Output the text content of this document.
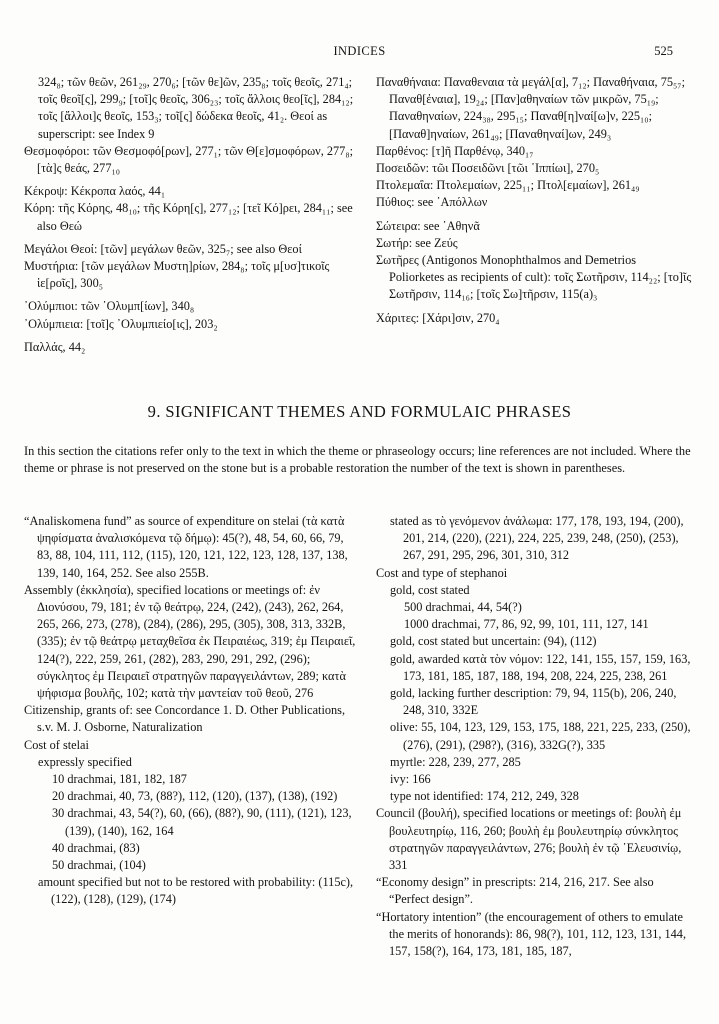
INDICES	525

324₈; τῶν θεῶν, 261₂₉, 270₆; [τῶν θε]ῶν, 235₈; τοῖς θεοῖς, 271₄; τοῖς θεοῖ[ς], 299₉; [τοῖ]ς θεοῖς, 306₂₃; τοῖς ἄλλοις θεο[ῖς], 284₁₂; τοῖς [ἄλλοι]ς θεοῖς, 153₃; τοῖ[ς] δώδεκα θεοῖς, 41₂. Θεοί as superscript: see Index 9

Θεσμοφόροι: τῶν Θεσμοφό[ρων], 277₁; τῶν Θ[ε]σμοφόρων, 277₈; [τὰ]ς θεάς, 277₁₀

Κέκροψ: Κέκροπα λαός, 44₁

Κόρη: τῆς Κόρης, 48₁₀; τῆς Κόρη[ς], 277₁₂; [τεῖ Κό]ρει, 284₁₁; see also Θεώ

Μεγάλοι Θεοί: [τῶν] μεγάλων θεῶν, 325₇; see also Θεοί

Μυστήρια: [τῶν μεγάλων Μυστη]ρίων, 284₈; τοῖς μ[υσ]τικοῖς ἱε[ροῖς], 300₅

᾿Ολύμπιοι: τῶν ᾿Ολυμπ[ίων], 340₈

᾿Ολύμπιεια: [τοῖ]ς ᾿Ολυμπιείο[ις], 203₂

Παλλάς, 44₂

Παναθήναια: Παναθεναια τὰ μεγάλ[α], 7₁₂; Παναθήναια, 75₅₇; Παναθ[ἐναια], 19₂₄; [Παν]αθηναίων τῶν μικρῶν, 75₁₉; Παναθηναίων, 224₃₈, 295₁₅; Παναθ[η]ναί[ω]ν, 225₁₀; [Παναθ]ηναίων, 261₄₉; [Παναθηναί]ων, 249₃

Παρθένος: [τ]ῆ Παρθένῳ, 340₁₇

Ποσειδῶν: τῶι Ποσειδῶνι [τῶι ῾Ιππίωι], 270₅

Πτολεμαΐα: Πτολεμαίων, 225₁₁; Πτολ[εμαίων], 261₄₉

Πύθιος: see ᾿Απόλλων

Σώτειρα: see ᾿Αθηνᾶ

Σωτήρ: see Ζεύς

Σωτῆρες (Antigonos Monophthalmos and Demetrios Poliorketes as recipients of cult): τοῖς Σωτῆρσιν, 114₂₂; [το]ῖς Σωτῆρσιν, 114₁₆; [τοῖς Σω]τῆρσιν, 115(a)₃

Χάριτες: [Χάρι]σιν, 270₄

9. SIGNIFICANT THEMES AND FORMULAIC PHRASES
In this section the citations refer only to the text in which the theme or phraseology occurs; line references are not included. Where the theme or phrase is not preserved on the stone but is a probable restoration the number of the text is shown in parentheses.

“Analiskomena fund” as source of expenditure on stelai (τὰ κατὰ ψηφίσματα ἀναλισκόμενα τῷ δήμῳ): 45(?), 48, 54, 60, 66, 79, 83, 88, 104, 111, 112, (115), 120, 121, 122, 123, 128, 137, 138, 139, 140, 164, 252. See also 255B.

Assembly (ἐκκλησία), specified locations or meetings of: ἐν Διονύσου, 79, 181; ἐν τῷ θεάτρῳ, 224, (242), (243), 262, 264, 265, 266, 273, (278), (284), (286), 295, (305), 308, 313, 332B, (335); ἐν τῷ θεάτρῳ μεταχθεῖσα ἐκ Πειραιέως, 319; ἐμ Πειραιεῖ, 124(?), 222, 259, 261, (282), 283, 290, 291, 292, (296); σύγκλητος ἐμ Πειραιεῖ στρατηγῶν παραγγειλάντων, 289; κατὰ ψήφισμα βουλῆς, 102; κατὰ τὴν μαντείαν τοῦ θεοῦ, 276

Citizenship, grants of: see Concordance 1. D. Other Publications, s.v. M. J. Osborne, Naturalization

Cost of stelai

expressly specified

10 drachmai, 181, 182, 187

20 drachmai, 40, 73, (88?), 112, (120), (137), (138), (192)

30 drachmai, 43, 54(?), 60, (66), (88?), 90, (111), (121), 123, (139), (140), 162, 164

40 drachmai, (83)

50 drachmai, (104)

amount specified but not to be restored with probability: (115c), (122), (128), (129), (174)

stated as τὸ γενόμενον ἀνάλωμα: 177, 178, 193, 194, (200), 201, 214, (220), (221), 224, 225, 239, 248, (250), (253), 267, 291, 295, 296, 301, 310, 312

Cost and type of stephanoi

gold, cost stated

500 drachmai, 44, 54(?)

1000 drachmai, 77, 86, 92, 99, 101, 111, 127, 141

gold, cost stated but uncertain: (94), (112)

gold, awarded κατὰ τὸν νόμον: 122, 141, 155, 157, 159, 163, 173, 181, 185, 187, 188, 194, 208, 224, 225, 238, 261

gold, lacking further description: 79, 94, 115(b), 206, 240, 248, 310, 332E

olive: 55, 104, 123, 129, 153, 175, 188, 221, 225, 233, (250), (276), (291), (298?), (316), 332G(?), 335

myrtle: 228, 239, 277, 285

ivy: 166

type not identified: 174, 212, 249, 328

Council (βουλή), specified locations or meetings of: βουλὴ ἐμ βουλευτηρίῳ, 116, 260; βουλὴ ἐμ βουλευτηρίῳ σύνκλητος στρατηγῶν παραγγειλάντων, 276; βουλὴ ἐν τῷ ᾿Ελευσινίῳ, 331

“Economy design” in prescripts: 214, 216, 217. See also “Perfect design”.

“Hortatory intention” (the encouragement of others to emulate the merits of honorands): 86, 98(?), 101, 112, 123, 131, 144, 157, 158(?), 164, 173, 181, 185, 187,
